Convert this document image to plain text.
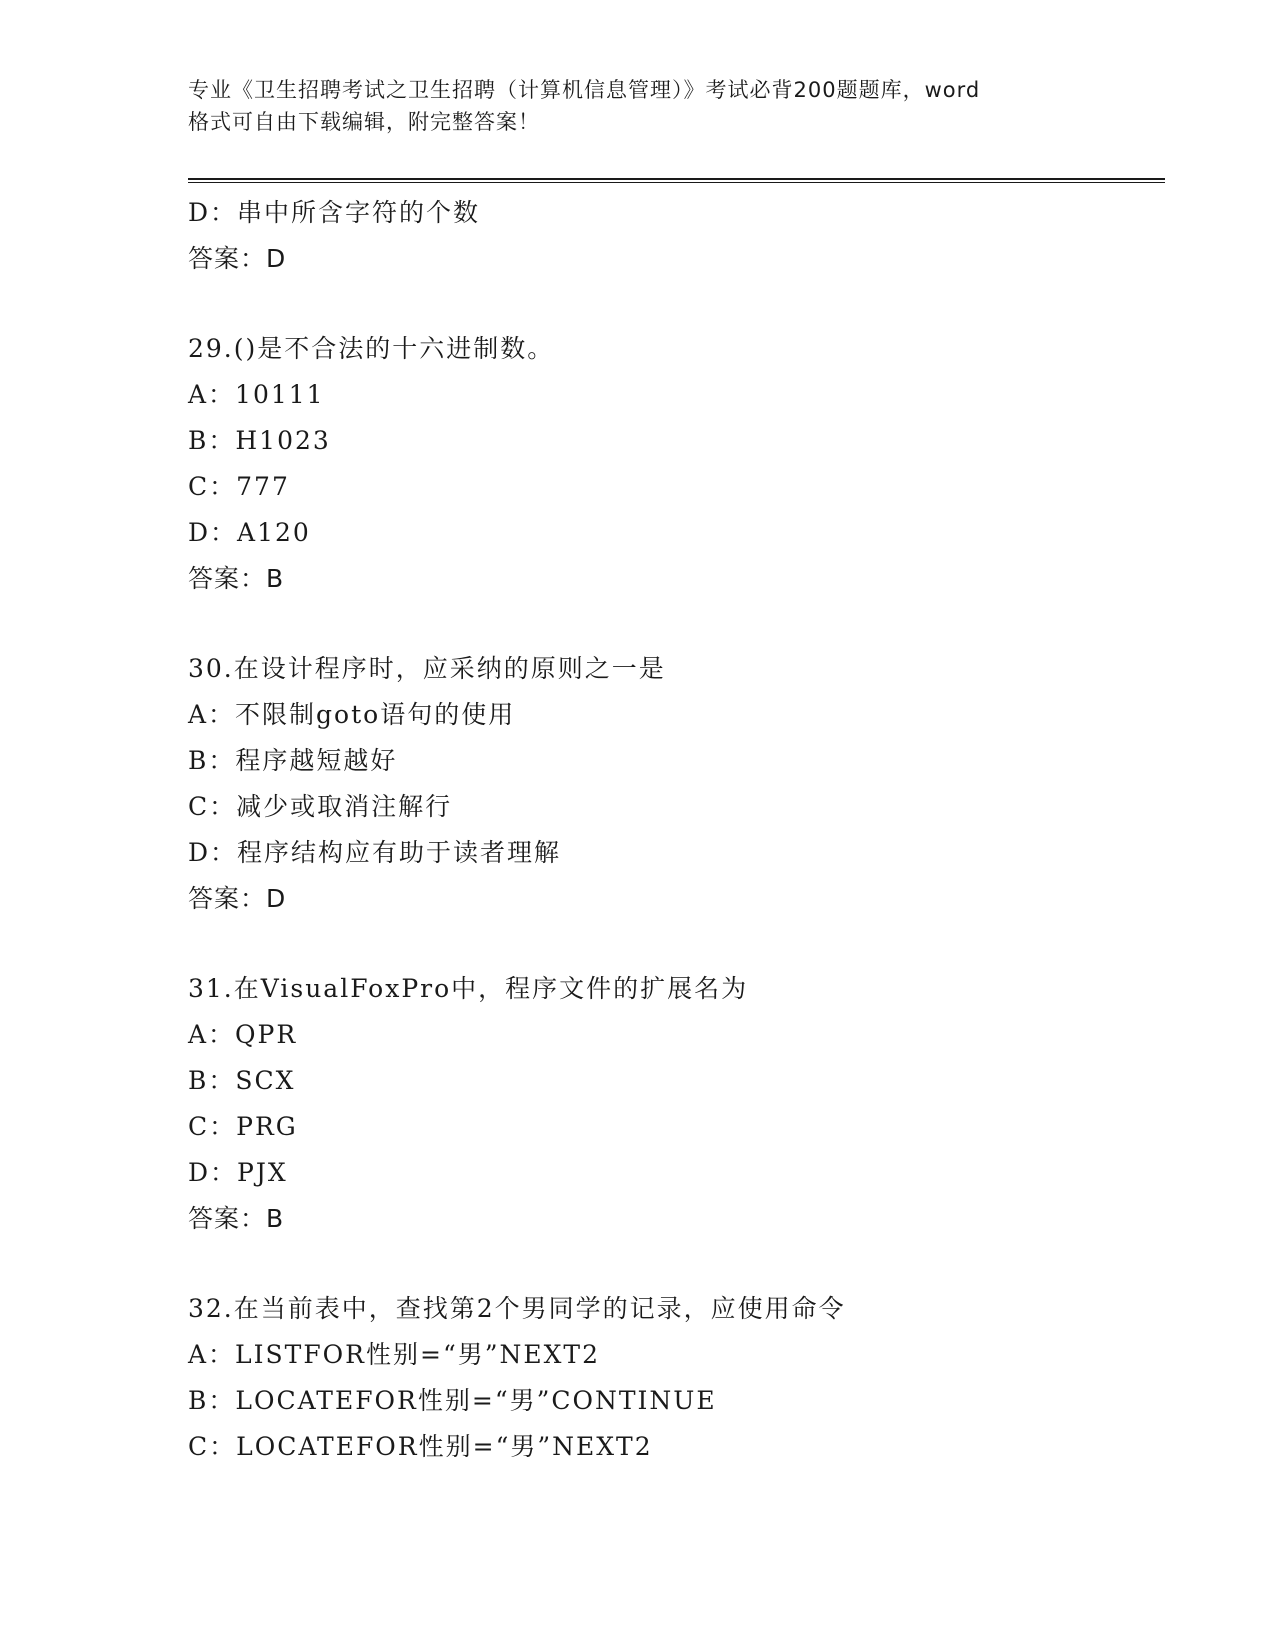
专业《卫生招聘考试之卫生招聘（计算机信息管理）》考试必背200题题库，word
格式可自由下载编辑，附完整答案！
D：串中所含字符的个数
答案：D
29.()是不合法的十六进制数。
A：10111
B：H1023
C：777
D：A120
答案：B
30.在设计程序时，应采纳的原则之一是
A：不限制goto语句的使用
B：程序越短越好
C：减少或取消注解行
D：程序结构应有助于读者理解
答案：D
31.在VisualFoxPro中，程序文件的扩展名为
A：QPR
B：SCX
C：PRG
D：PJX
答案：B
32.在当前表中，查找第2个男同学的记录，应使用命令
A：LISTFOR性别=“男”NEXT2
B：LOCATEFOR性别=“男”CONTINUE
C：LOCATEFOR性别=“男”NEXT2
